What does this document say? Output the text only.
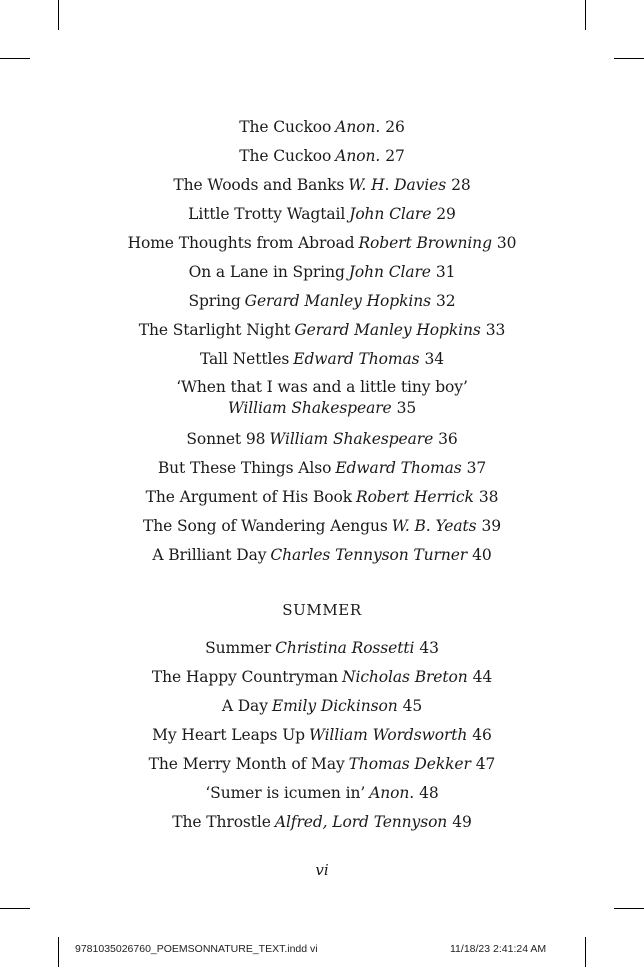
The Cuckoo Anon. 26
The Cuckoo Anon. 27
The Woods and Banks W. H. Davies 28
Little Trotty Wagtail John Clare 29
Home Thoughts from Abroad Robert Browning 30
On a Lane in Spring John Clare 31
Spring Gerard Manley Hopkins 32
The Starlight Night Gerard Manley Hopkins 33
Tall Nettles Edward Thomas 34
‘When that I was and a little tiny boy’
William Shakespeare 35
Sonnet 98 William Shakespeare 36
But These Things Also Edward Thomas 37
The Argument of His Book Robert Herrick 38
The Song of Wandering Aengus W. B. Yeats 39
A Brilliant Day Charles Tennyson Turner 40
SUMMER
Summer Christina Rossetti 43
The Happy Countryman Nicholas Breton 44
A Day Emily Dickinson 45
My Heart Leaps Up William Wordsworth 46
The Merry Month of May Thomas Dekker 47
‘Sumer is icumen in’ Anon. 48
The Throstle Alfred, Lord Tennyson 49
vi
9781035026760_POEMSONNATURE_TEXT.indd vi	11/18/23 2:41:24 AM
